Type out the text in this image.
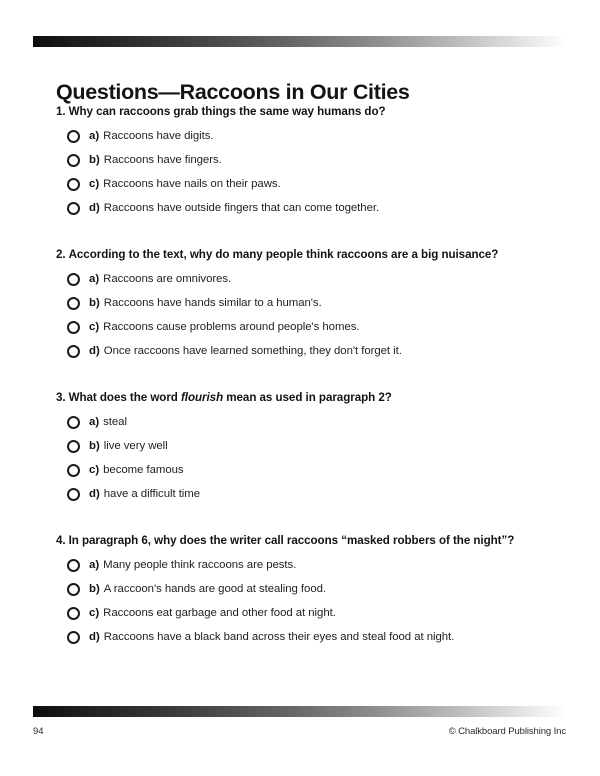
Questions—Raccoons in Our Cities
1. Why can raccoons grab things the same way humans do?
a) Raccoons have digits.
b) Raccoons have fingers.
c) Raccoons have nails on their paws.
d) Raccoons have outside fingers that can come together.
2. According to the text, why do many people think raccoons are a big nuisance?
a) Raccoons are omnivores.
b) Raccoons have hands similar to a human's.
c) Raccoons cause problems around people's homes.
d) Once raccoons have learned something, they don't forget it.
3. What does the word flourish mean as used in paragraph 2?
a) steal
b) live very well
c) become famous
d) have a difficult time
4. In paragraph 6, why does the writer call raccoons “masked robbers of the night”?
a) Many people think raccoons are pests.
b) A raccoon's hands are good at stealing food.
c) Raccoons eat garbage and other food at night.
d) Raccoons have a black band across their eyes and steal food at night.
94	© Chalkboard Publishing Inc
